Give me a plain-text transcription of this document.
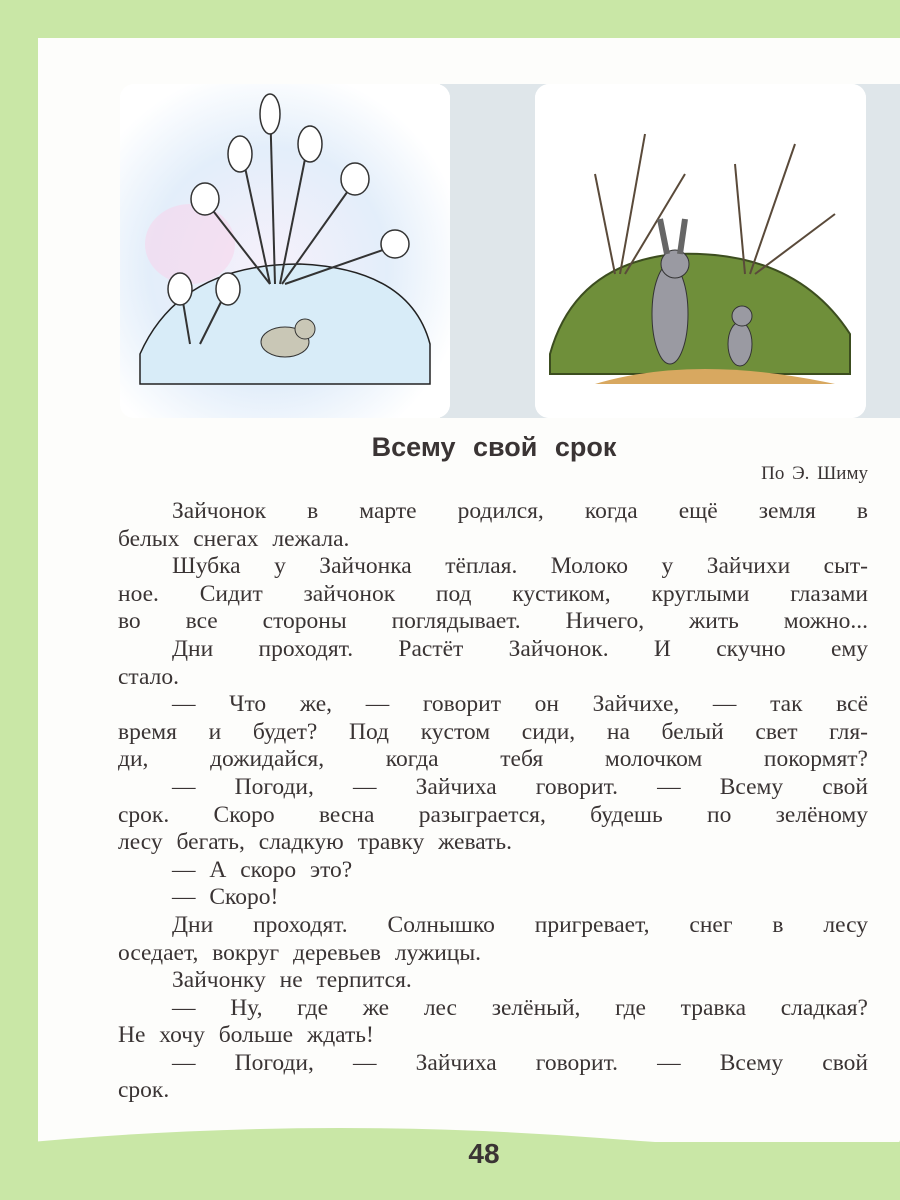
Всему свой срок
По Э. Шиму
Зайчонок в марте родился, когда ещё земля в
белых снегах лежала.
Шубка у Зайчонка тёплая. Молоко у Зайчихи сыт-
ное. Сидит зайчонок под кустиком, круглыми глазами
во все стороны поглядывает. Ничего, жить можно...
Дни проходят. Растёт Зайчонок. И скучно ему
стало.
— Что же, — говорит он Зайчихе, — так всё
время и будет? Под кустом сиди, на белый свет гля-
ди, дожидайся, когда тебя молочком покормят?
— Погоди, — Зайчиха говорит. — Всему свой
срок. Скоро весна разыграется, будешь по зелёному
лесу бегать, сладкую травку жевать.
— А скоро это?
— Скоро!
Дни проходят. Солнышко пригревает, снег в лесу
оседает, вокруг деревьев лужицы.
Зайчонку не терпится.
— Ну, где же лес зелёный, где травка сладкая?
Не хочу больше ждать!
— Погоди, — Зайчиха говорит. — Всему свой
срок.
48
